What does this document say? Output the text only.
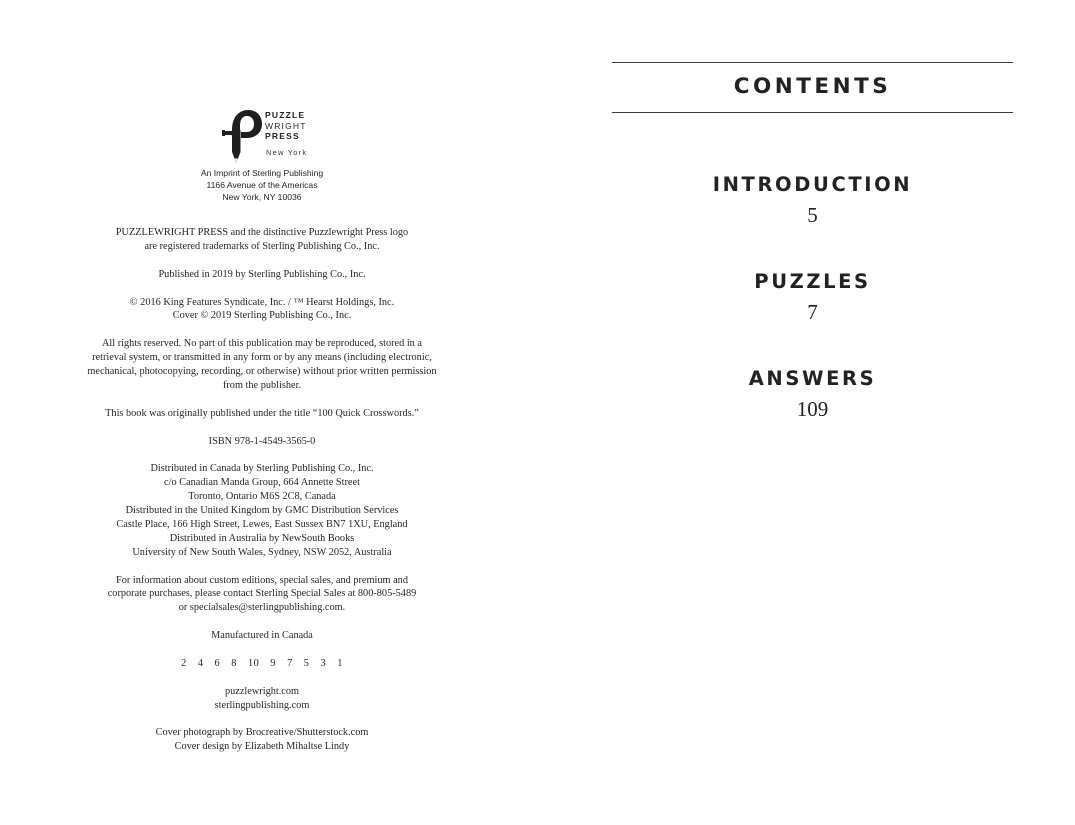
PUZZLE
WRIGHT
PRESS
New York
An Imprint of Sterling Publishing
1166 Avenue of the Americas
New York, NY 10036
PUZZLEWRIGHT PRESS and the distinctive Puzzlewright Press logo
are registered trademarks of Sterling Publishing Co., Inc.
Published in 2019 by Sterling Publishing Co., Inc.
© 2016 King Features Syndicate, Inc. / ™ Hearst Holdings, Inc.
Cover © 2019 Sterling Publishing Co., Inc.
All rights reserved. No part of this publication may be reproduced, stored in a
retrieval system, or transmitted in any form or by any means (including electronic,
mechanical, photocopying, recording, or otherwise) without prior written permission
from the publisher.
This book was originally published under the title “100 Quick Crosswords.”
ISBN 978-1-4549-3565-0
Distributed in Canada by Sterling Publishing Co., Inc.
c/o Canadian Manda Group, 664 Annette Street
Toronto, Ontario M6S 2C8, Canada
Distributed in the United Kingdom by GMC Distribution Services
Castle Place, 166 High Street, Lewes, East Sussex BN7 1XU, England
Distributed in Australia by NewSouth Books
University of New South Wales, Sydney, NSW 2052, Australia
For information about custom editions, special sales, and premium and
corporate purchases, please contact Sterling Special Sales at 800-805-5489
or specialsales@sterlingpublishing.com.
Manufactured in Canada
2 4 6 8 10 9 7 5 3 1
puzzlewright.com
sterlingpublishing.com
Cover photograph by Brocreative/Shutterstock.com
Cover design by Elizabeth Mihaltse Lindy
CONTENTS
INTRODUCTION
5
PUZZLES
7
ANSWERS
109
